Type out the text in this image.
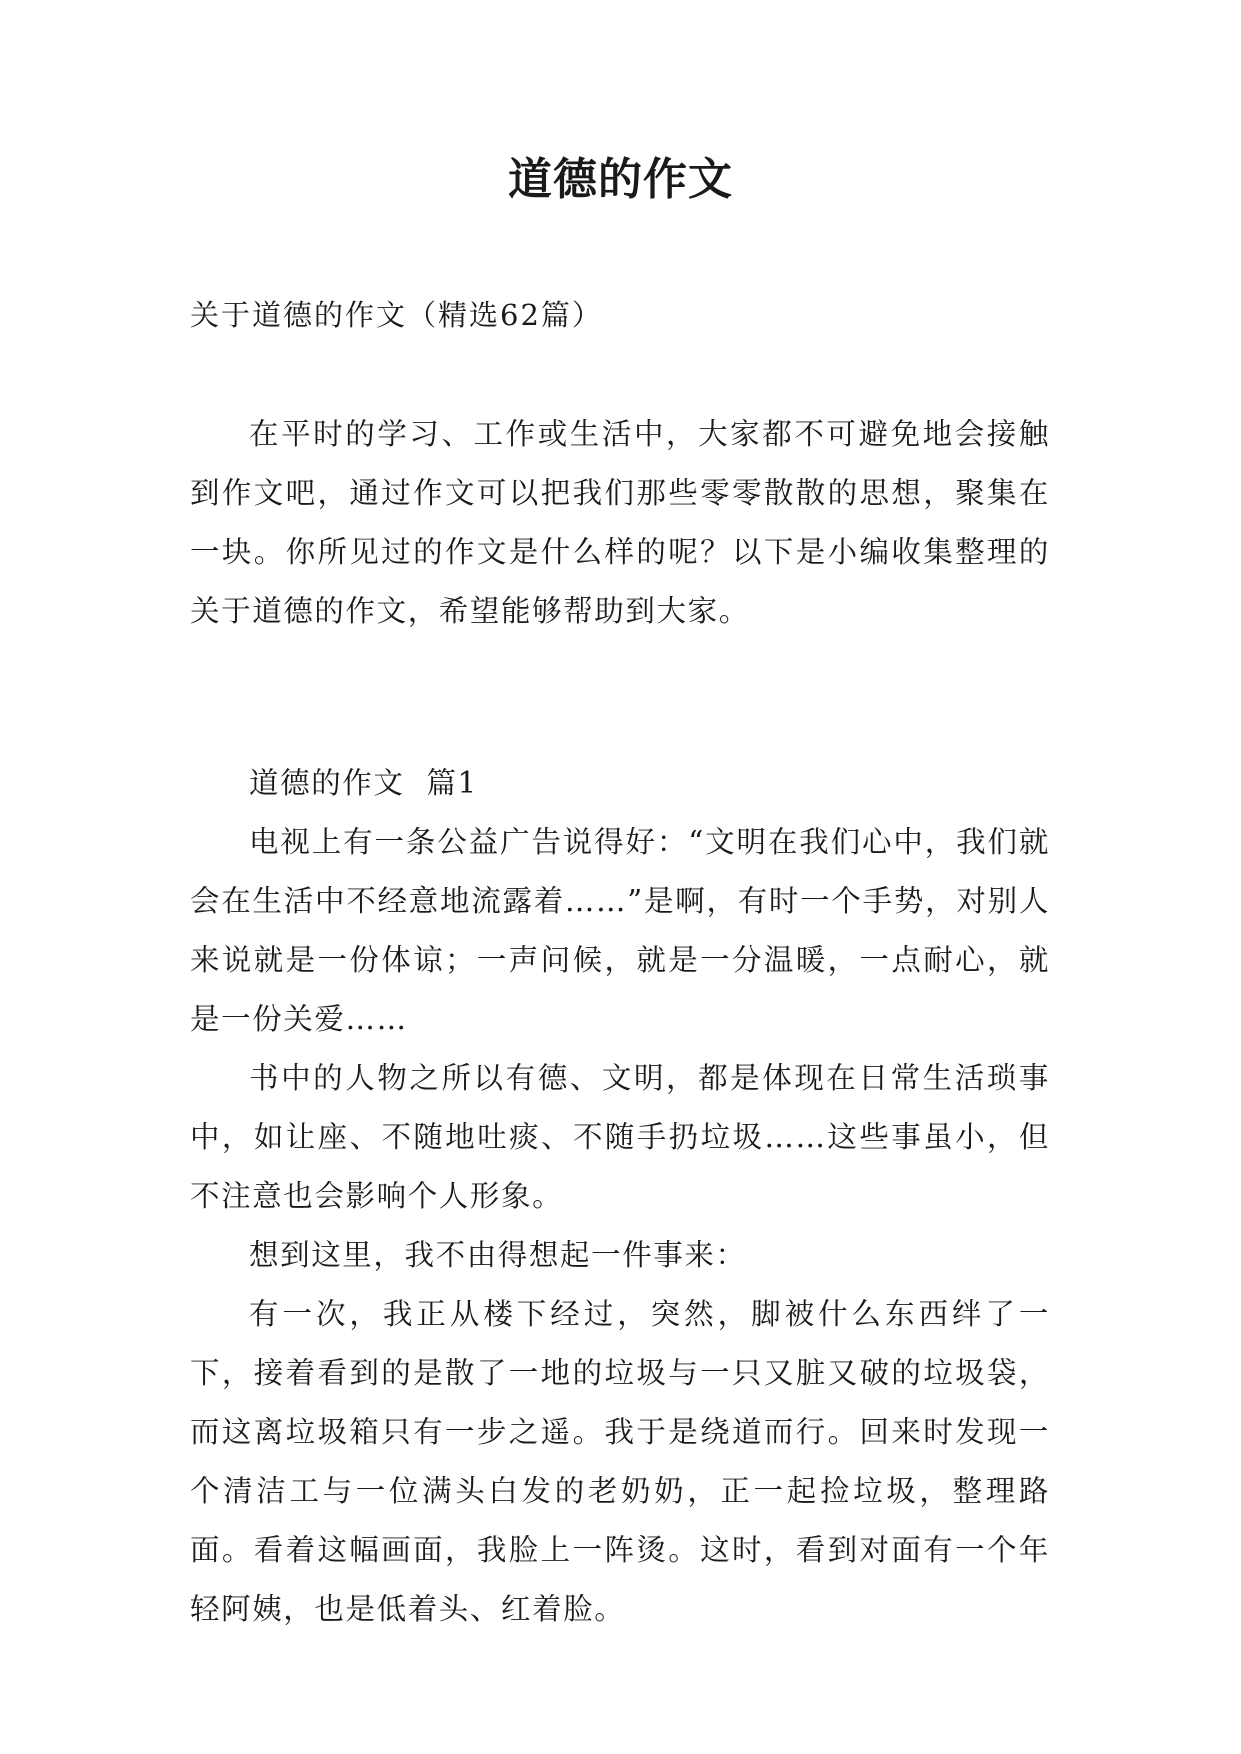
道德的作文

关于道德的作文（精选62篇）

在平时的学习、工作或生活中，大家都不可避免地会接触到作文吧，通过作文可以把我们那些零零散散的思想，聚集在一块。你所见过的作文是什么样的呢？以下是小编收集整理的关于道德的作文，希望能够帮助到大家。

道德的作文  篇1

电视上有一条公益广告说得好：“文明在我们心中，我们就会在生活中不经意地流露着……”是啊，有时一个手势，对别人来说就是一份体谅；一声问候，就是一分温暖，一点耐心，就是一份关爱……

书中的人物之所以有德、文明，都是体现在日常生活琐事中，如让座、不随地吐痰、不随手扔垃圾……这些事虽小，但不注意也会影响个人形象。

想到这里，我不由得想起一件事来：

有一次，我正从楼下经过，突然，脚被什么东西绊了一下，接着看到的是散了一地的垃圾与一只又脏又破的垃圾袋，而这离垃圾箱只有一步之遥。我于是绕道而行。回来时发现一个清洁工与一位满头白发的老奶奶，正一起捡垃圾，整理路面。看着这幅画面，我脸上一阵烫。这时，看到对面有一个年轻阿姨，也是低着头、红着脸。
